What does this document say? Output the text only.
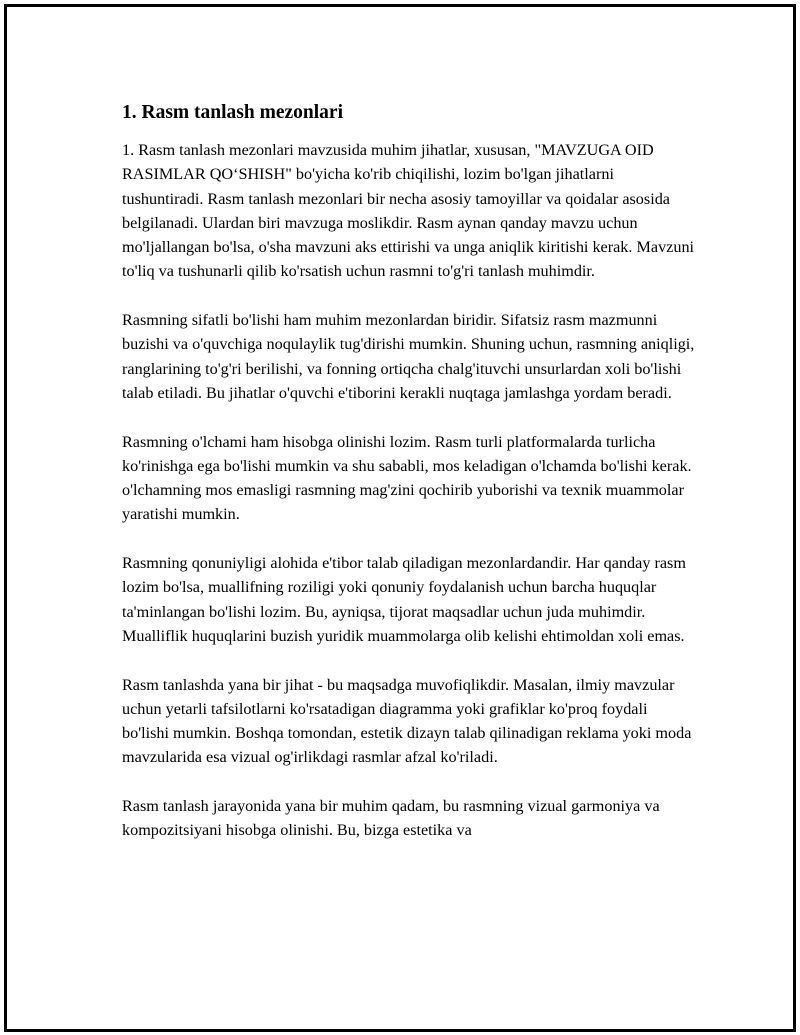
1. Rasm tanlash mezonlari

1. Rasm tanlash mezonlari mavzusida muhim jihatlar, xususan, "MAVZUGA OID RASIMLAR QO‘SHISH" bo'yicha ko'rib chiqilishi, lozim bo'lgan jihatlarni tushuntiradi. Rasm tanlash mezonlari bir necha asosiy tamoyillar va qoidalar asosida belgilanadi. Ulardan biri mavzuga moslikdir. Rasm aynan qanday mavzu uchun mo'ljallangan bo'lsa, o'sha mavzuni aks ettirishi va unga aniqlik kiritishi kerak. Mavzuni to'liq va tushunarli qilib ko'rsatish uchun rasmni to'g'ri tanlash muhimdir.

Rasmning sifatli bo'lishi ham muhim mezonlardan biridir. Sifatsiz rasm mazmunni buzishi va o'quvchiga noqulaylik tug'dirishi mumkin. Shuning uchun, rasmning aniqligi, ranglarining to'g'ri berilishi, va fonning ortiqcha chalg'ituvchi unsurlardan xoli bo'lishi talab etiladi. Bu jihatlar o'quvchi e'tiborini kerakli nuqtaga jamlashga yordam beradi.

Rasmning o'lchami ham hisobga olinishi lozim. Rasm turli platformalarda turlicha ko'rinishga ega bo'lishi mumkin va shu sababli, mos keladigan o'lchamda bo'lishi kerak. o'lchamning mos emasligi rasmning mag'zini qochirib yuborishi va texnik muammolar yaratishi mumkin.

Rasmning qonuniyligi alohida e'tibor talab qiladigan mezonlardandir. Har qanday rasm lozim bo'lsa, muallifning roziligi yoki qonuniy foydalanish uchun barcha huquqlar ta'minlangan bo'lishi lozim. Bu, ayniqsa, tijorat maqsadlar uchun juda muhimdir. Mualliflik huquqlarini buzish yuridik muammolarga olib kelishi ehtimoldan xoli emas.

Rasm tanlashda yana bir jihat - bu maqsadga muvofiqlikdir. Masalan, ilmiy mavzular uchun yetarli tafsilotlarni ko'rsatadigan diagramma yoki grafiklar ko'proq foydali bo'lishi mumkin. Boshqa tomondan, estetik dizayn talab qilinadigan reklama yoki moda mavzularida esa vizual og'irlikdagi rasmlar afzal ko'riladi.

Rasm tanlash jarayonida yana bir muhim qadam, bu rasmning vizual garmoniya va kompozitsiyani hisobga olinishi. Bu, bizga estetika va
